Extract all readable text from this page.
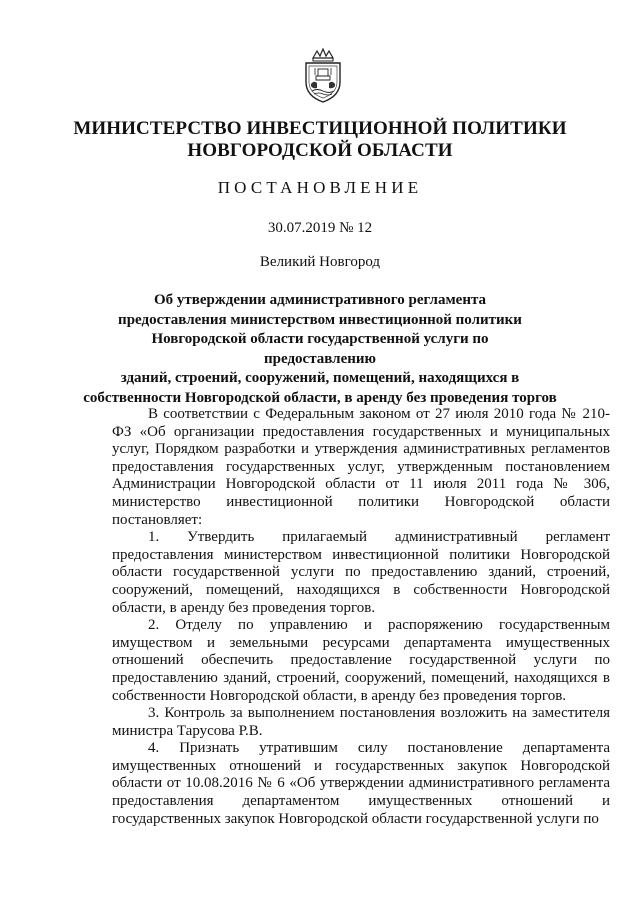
МИНИСТЕРСТВО ИНВЕСТИЦИОННОЙ ПОЛИТИКИ
НОВГОРОДСКОЙ ОБЛАСТИ
ПОСТАНОВЛЕНИЕ
30.07.2019 № 12
Великий Новгород
Об утверждении административного регламента
предоставления министерством инвестиционной политики
Новгородской области государственной услуги по предоставлению
зданий, строений, сооружений, помещений, находящихся в
собственности Новгородской области, в аренду без проведения торгов

В соответствии с Федеральным законом от 27 июля 2010 года № 210-ФЗ «Об организации предоставления государственных и муниципальных услуг, Порядком разработки и утверждения административных регламентов предоставления государственных услуг, утвержденным постановлением Администрации Новгородской области от 11 июля 2011 года № 306, министерство инвестиционной политики Новгородской области постановляет:

1. Утвердить прилагаемый административный регламент предоставления министерством инвестиционной политики Новгородской области государственной услуги по предоставлению зданий, строений, сооружений, помещений, находящихся в собственности Новгородской области, в аренду без проведения торгов.

2. Отделу по управлению и распоряжению государственным имуществом и земельными ресурсами департамента имущественных отношений обеспечить предоставление государственной услуги по предоставлению зданий, строений, сооружений, помещений, находящихся в собственности Новгородской области, в аренду без проведения торгов.

3. Контроль за выполнением постановления возложить на заместителя министра Тарусова Р.В.

4. Признать утратившим силу постановление департамента имущественных отношений и государственных закупок Новгородской области от 10.08.2016 № 6 «Об утверждении административного регламента предоставления департаментом имущественных отношений и государственных закупок Новгородской области государственной услуги по
